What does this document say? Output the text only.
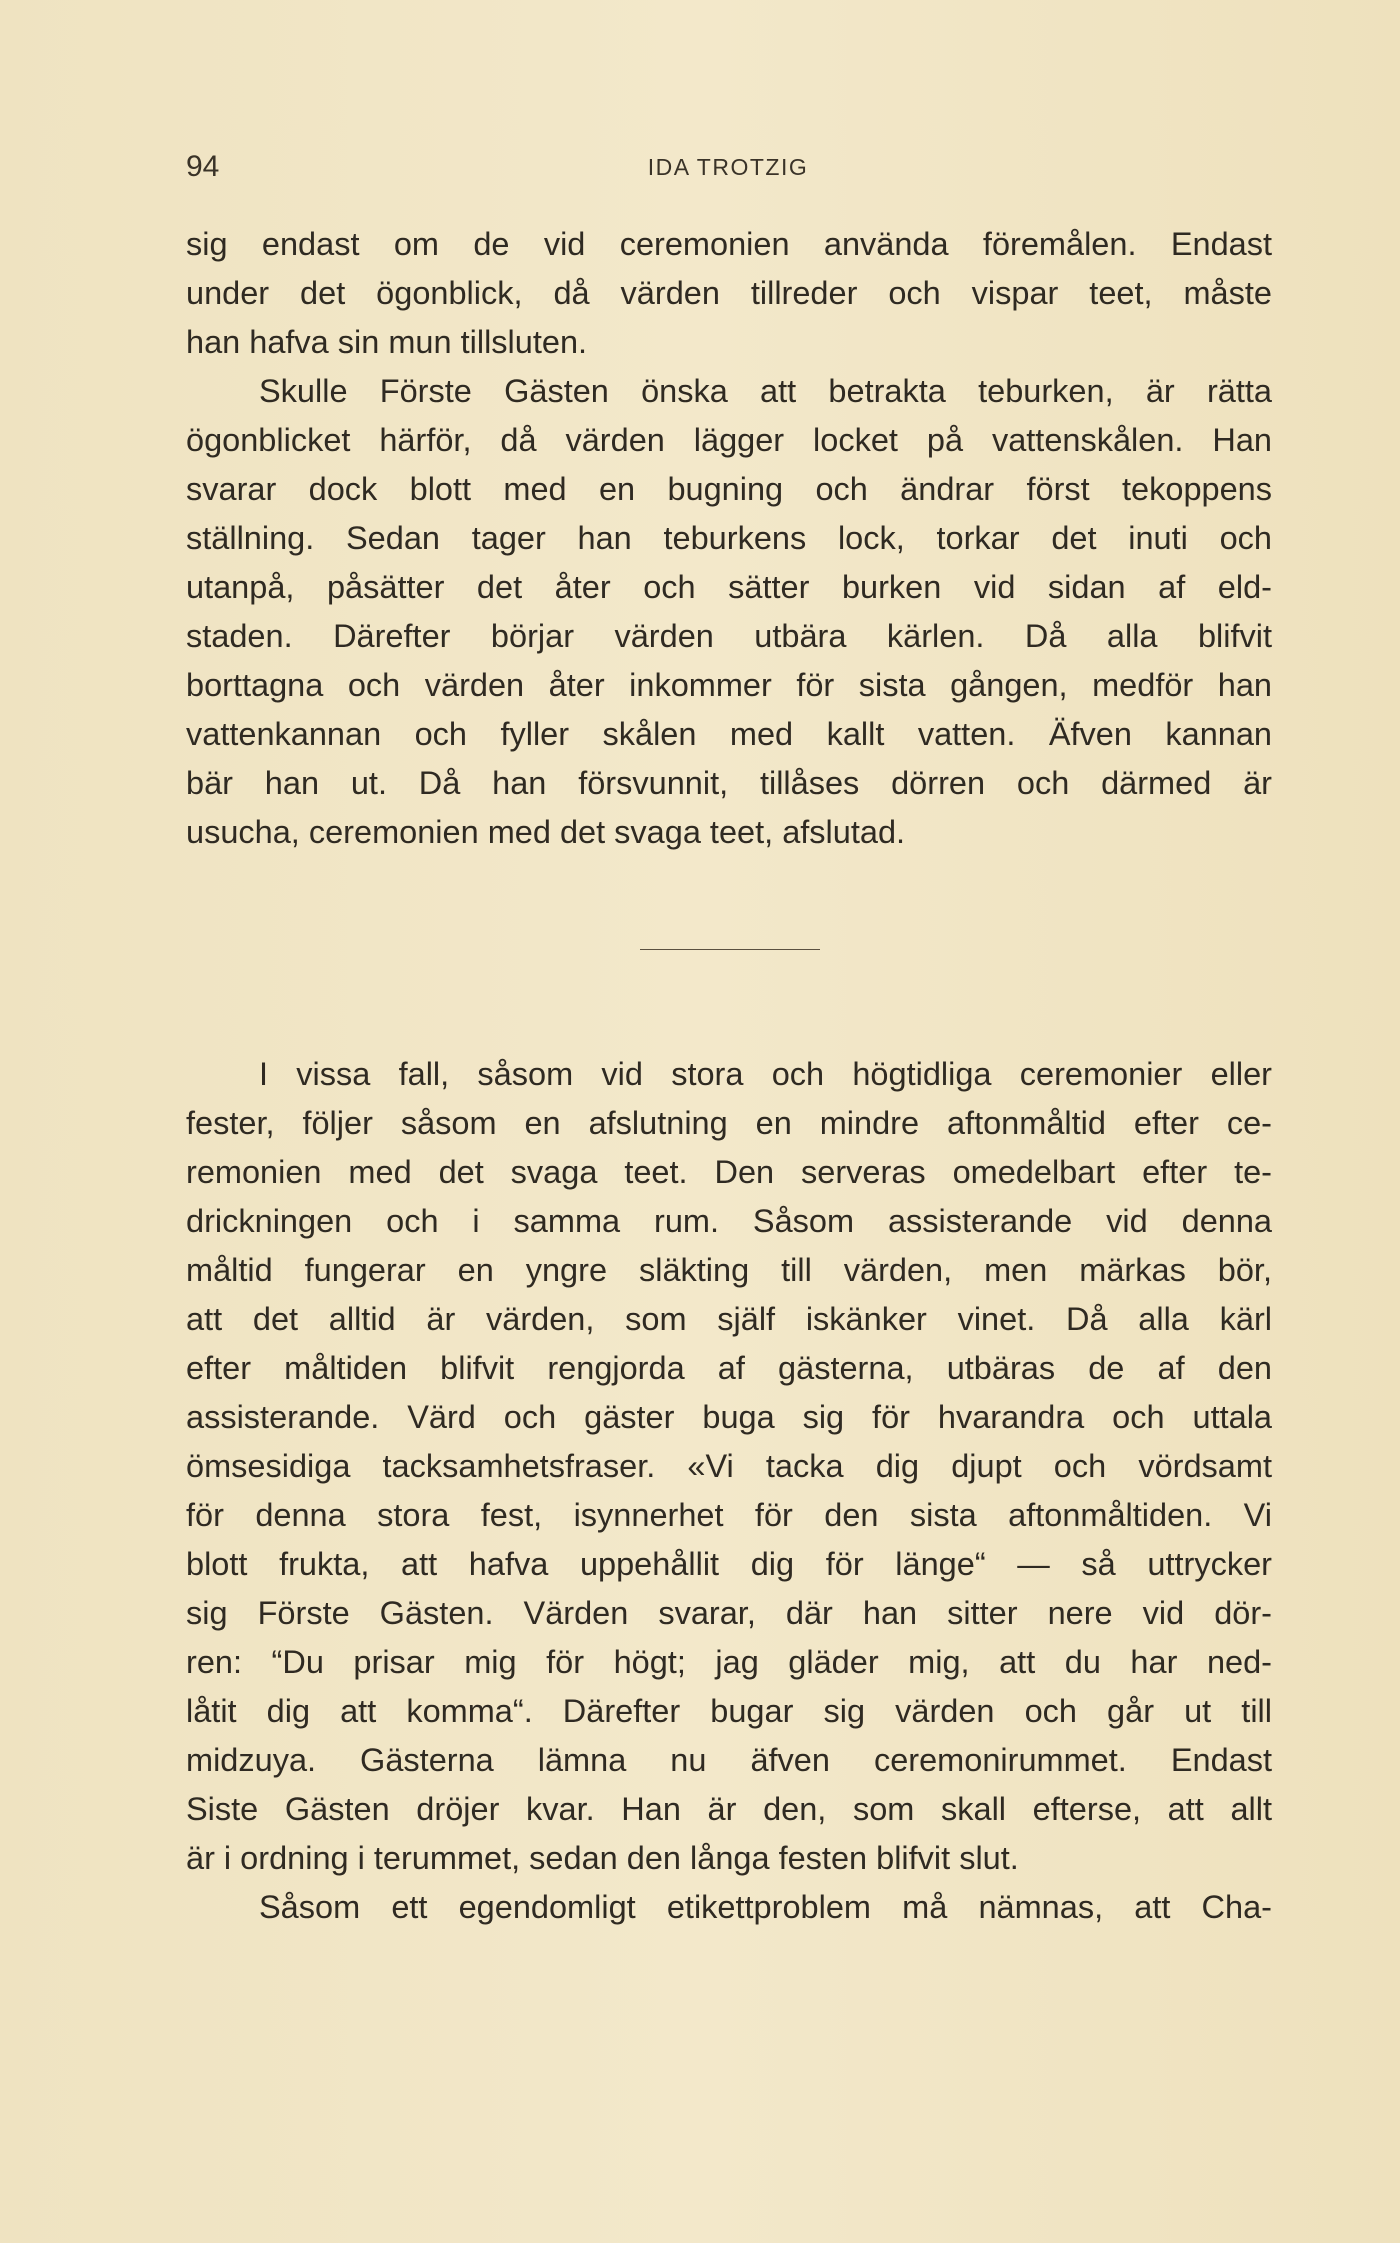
94	IDA TROTZIG
sig endast om de vid ceremonien använda föremålen. Endast
under det ögonblick, då värden tillreder och vispar teet, måste
han hafva sin mun tillsluten.
Skulle Förste Gästen önska att betrakta teburken, är rätta
ögonblicket härför, då värden lägger locket på vattenskålen. Han
svarar dock blott med en bugning och ändrar först tekoppens
ställning. Sedan tager han teburkens lock, torkar det inuti och
utanpå, påsätter det åter och sätter burken vid sidan af eld-
staden. Därefter börjar värden utbära kärlen. Då alla blifvit
borttagna och värden åter inkommer för sista gången, medför han
vattenkannan och fyller skålen med kallt vatten. Äfven kannan
bär han ut. Då han försvunnit, tillåses dörren och därmed är
usucha, ceremonien med det svaga teet, afslutad.
I vissa fall, såsom vid stora och högtidliga ceremonier eller
fester, följer såsom en afslutning en mindre aftonmåltid efter ce-
remonien med det svaga teet. Den serveras omedelbart efter te-
drickningen och i samma rum. Såsom assisterande vid denna
måltid fungerar en yngre släkting till värden, men märkas bör,
att det alltid är värden, som själf iskänker vinet. Då alla kärl
efter måltiden blifvit rengjorda af gästerna, utbäras de af den
assisterande. Värd och gäster buga sig för hvarandra och uttala
ömsesidiga tacksamhetsfraser. «Vi tacka dig djupt och vördsamt
för denna stora fest, isynnerhet för den sista aftonmåltiden. Vi
blott frukta, att hafva uppehållit dig för länge“ — så uttrycker
sig Förste Gästen. Värden svarar, där han sitter nere vid dör-
ren: “Du prisar mig för högt; jag gläder mig, att du har ned-
låtit dig att komma“. Därefter bugar sig värden och går ut till
midzuya. Gästerna lämna nu äfven ceremonirummet. Endast
Siste Gästen dröjer kvar. Han är den, som skall efterse, att allt
är i ordning i terummet, sedan den långa festen blifvit slut.
Såsom ett egendomligt etikettproblem må nämnas, att Cha-
